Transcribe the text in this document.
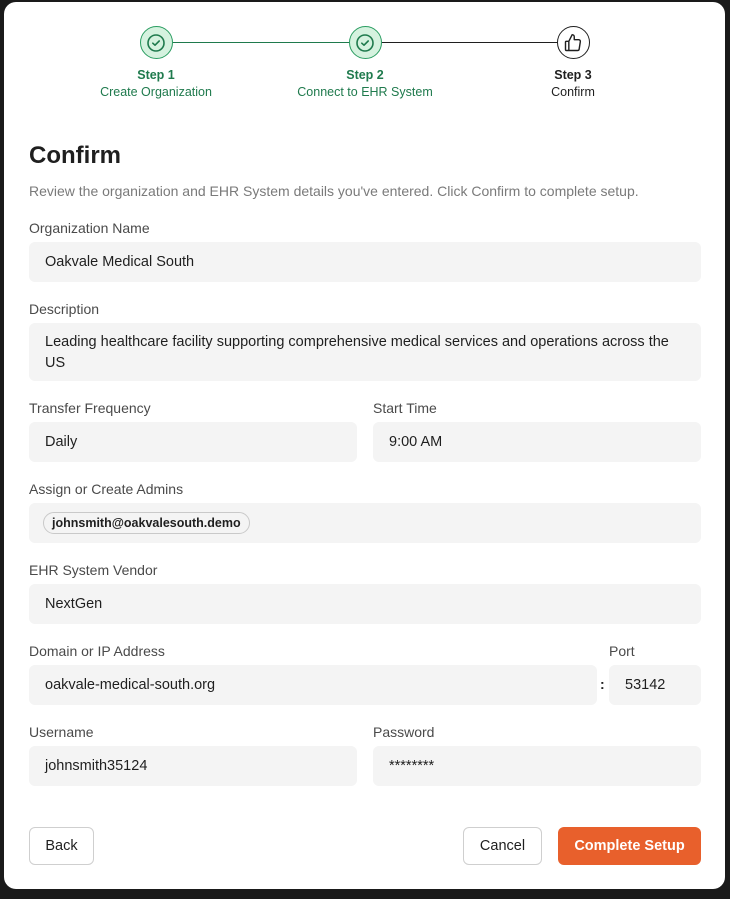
Step 1
Create Organization
Step 2
Connect to EHR System
Step 3
Confirm
Confirm
Review the organization and EHR System details you've entered. Click Confirm to complete setup.
Organization Name
Oakvale Medical South
Description
Leading healthcare facility supporting comprehensive medical services and operations across the US
Transfer Frequency
Daily
Start Time
9:00 AM
Assign or Create Admins
johnsmith@oakvalesouth.demo
EHR System Vendor
NextGen
Domain or IP Address
oakvale-medical-south.org	:
Port
53142
Username
johnsmith35124
Password
********
Back	Cancel	Complete Setup
